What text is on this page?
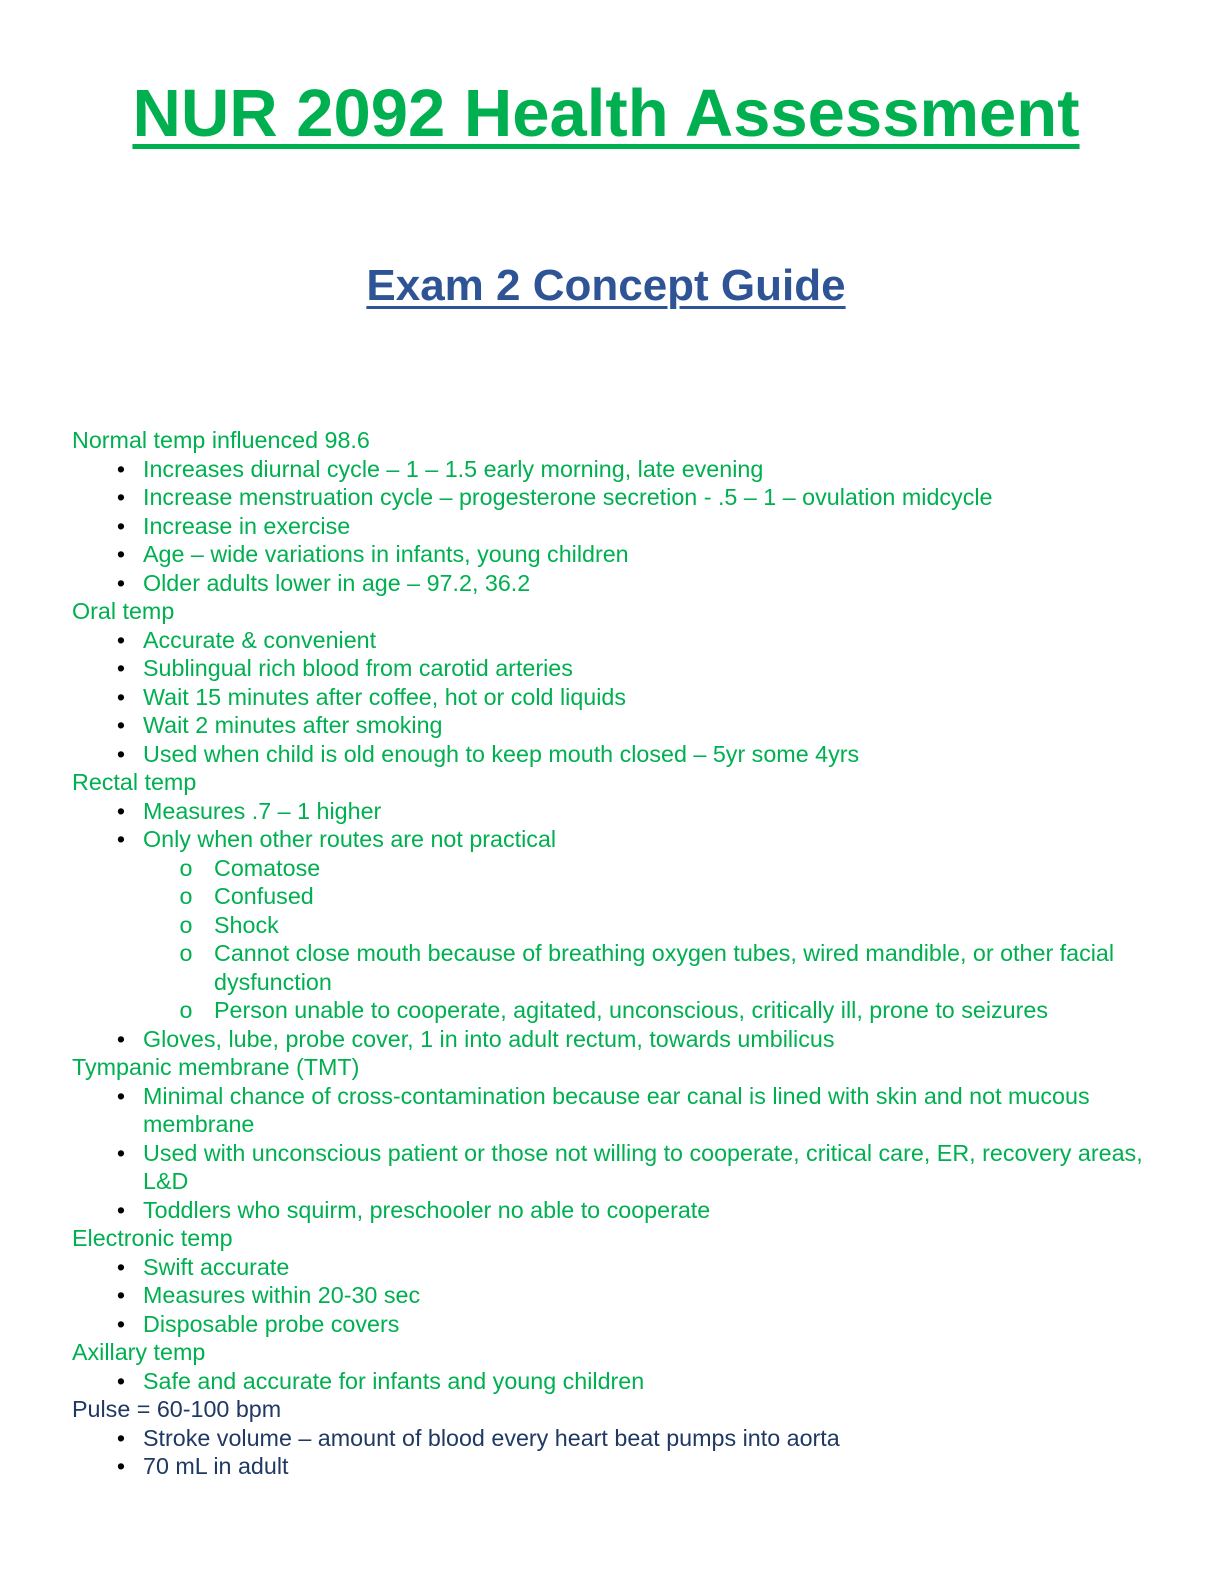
NUR 2092 Health Assessment
Exam 2 Concept Guide

Normal temp influenced 98.6

• Increases diurnal cycle – 1 – 1.5 early morning, late evening
• Increase menstruation cycle – progesterone secretion - .5 – 1 – ovulation midcycle
• Increase in exercise
• Age – wide variations in infants, young children
• Older adults lower in age – 97.2, 36.2

Oral temp

• Accurate & convenient
• Sublingual rich blood from carotid arteries
• Wait 15 minutes after coffee, hot or cold liquids
• Wait 2 minutes after smoking
• Used when child is old enough to keep mouth closed – 5yr some 4yrs

Rectal temp

• Measures .7 – 1 higher
• Only when other routes are not practical
o Comatose
o Confused
o Shock
o Cannot close mouth because of breathing oxygen tubes, wired mandible, or other facial dysfunction
o Person unable to cooperate, agitated, unconscious, critically ill, prone to seizures
• Gloves, lube, probe cover, 1 in into adult rectum, towards umbilicus

Tympanic membrane (TMT)

• Minimal chance of cross-contamination because ear canal is lined with skin and not mucous membrane
• Used with unconscious patient or those not willing to cooperate, critical care, ER, recovery areas, L&D
• Toddlers who squirm, preschooler no able to cooperate

Electronic temp

• Swift accurate
• Measures within 20-30 sec
• Disposable probe covers

Axillary temp

• Safe and accurate for infants and young children

Pulse = 60-100 bpm

• Stroke volume – amount of blood every heart beat pumps into aorta
• 70 mL in adult
